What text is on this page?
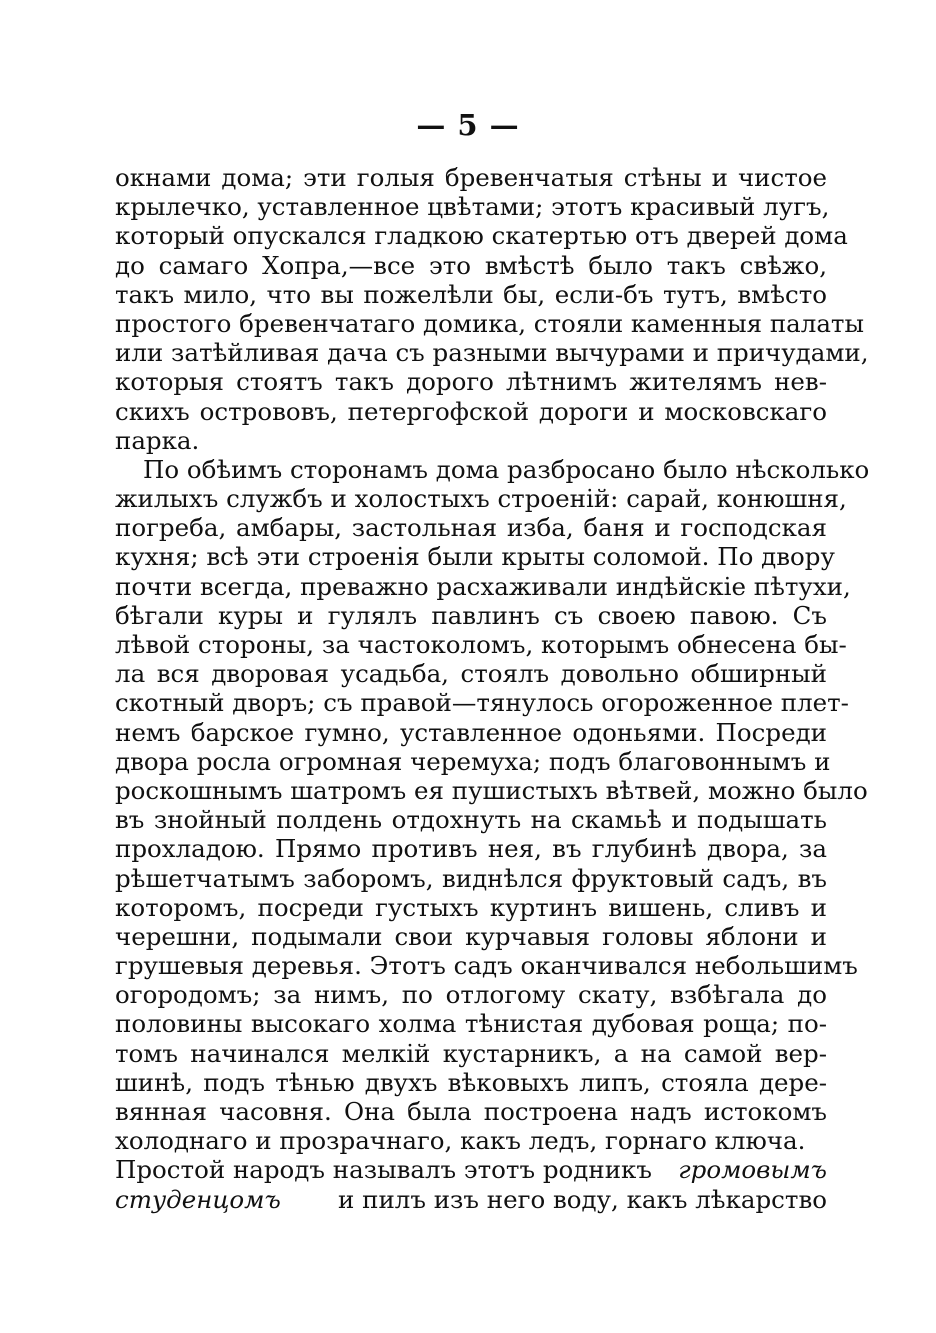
— 5 —
окнами дома; эти голыя бревенчатыя стѣны и чистое
крылечко, уставленное цвѣтами; этотъ красивый лугъ,
который опускался гладкою скатертью отъ дверей дома
до самаго Хопра,—все это вмѣстѣ было такъ свѣжо,
такъ мило, что вы пожелѣли бы, если-бъ тутъ, вмѣсто
простого бревенчатаго домика, стояли каменныя палаты
или затѣйливая дача съ разными вычурами и причудами,
которыя стоятъ такъ дорого лѣтнимъ жителямъ нев-
скихъ острововъ, петергофской дороги и московскаго
парка.
По обѣимъ сторонамъ дома разбросано было нѣсколько
жилыхъ службъ и холостыхъ строеній: сарай, конюшня,
погреба, амбары, застольная изба, баня и господская
кухня; всѣ эти строенія были крыты соломой. По двору
почти всегда, преважно расхаживали индѣйскіе пѣтухи,
бѣгали куры и гулялъ павлинъ съ своею павою. Съ
лѣвой стороны, за частоколомъ, которымъ обнесена бы-
ла вся дворовая усадьба, стоялъ довольно обширный
скотный дворъ; съ правой—тянулось огороженное плет-
немъ барское гумно, уставленное одоньями. Посреди
двора росла огромная черемуха; подъ благовоннымъ и
роскошнымъ шатромъ ея пушистыхъ вѣтвей, можно было
въ знойный полдень отдохнуть на скамьѣ и подышать
прохладою. Прямо противъ нея, въ глубинѣ двора, за
рѣшетчатымъ заборомъ, виднѣлся фруктовый садъ, въ
которомъ, посреди густыхъ куртинъ вишень, сливъ и
черешни, подымали свои курчавыя головы яблони и
грушевыя деревья. Этотъ садъ оканчивался небольшимъ
огородомъ; за нимъ, по отлогому скату, взбѣгала до
половины высокаго холма тѣнистая дубовая роща; по-
томъ начинался мелкій кустарникъ, а на самой вер-
шинѣ, подъ тѣнью двухъ вѣковыхъ липъ, стояла дере-
вянная часовня. Она была построена надъ истокомъ
холоднаго и прозрачнаго, какъ ледъ, горнаго ключа.
Простой народъ называлъ этотъ родникъ громовымъ
студенцомъ и пилъ изъ него воду, какъ лѣкарство
